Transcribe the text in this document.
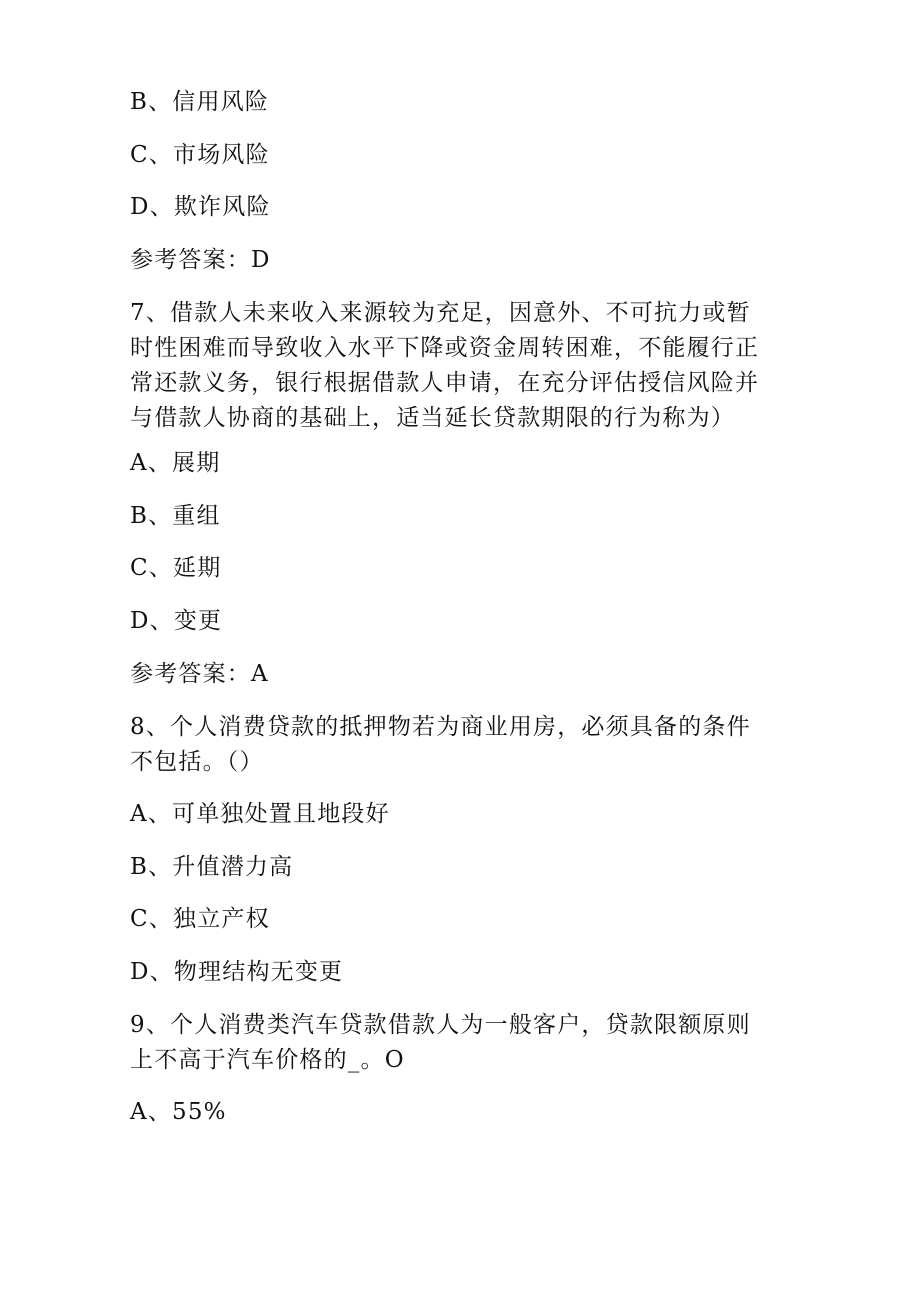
B、信用风险
C、市场风险
D、欺诈风险
参考答案：D
7、借款人未来收入来源较为充足，因意外、不可抗力或暂
时性困难而导致收入水平下降或资金周转困难，不能履行正
常还款义务，银行根据借款人申请，在充分评估授信风险并
与借款人协商的基础上，适当延长贷款期限的行为称为）
A、展期
B、重组
C、延期
D、变更
参考答案：A
8、个人消费贷款的抵押物若为商业用房，必须具备的条件
不包括。（）
A、可单独处置且地段好
B、升值潜力高
C、独立产权
D、物理结构无变更
9、个人消费类汽车贷款借款人为一般客户，贷款限额原则
上不高于汽车价格的_。O
A、55%
